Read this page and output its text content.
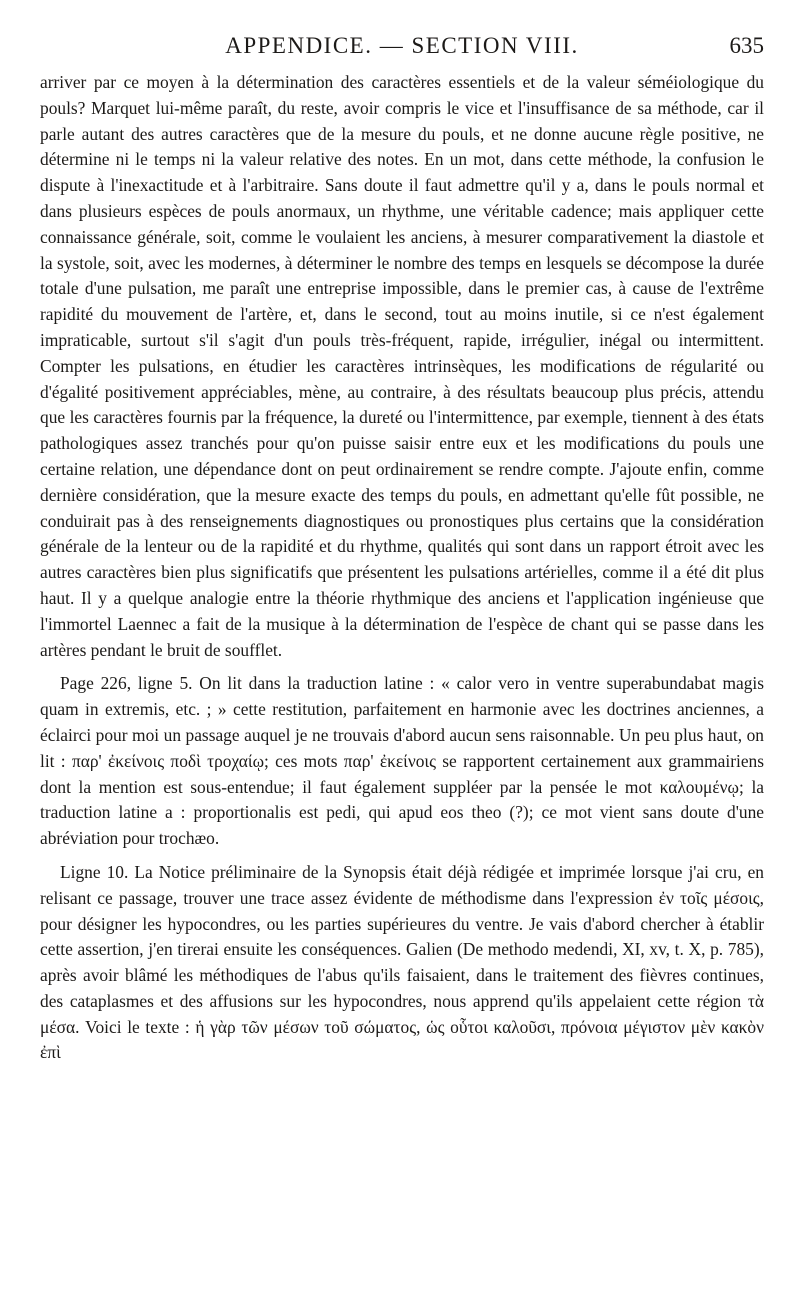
APPENDICE. — SECTION VIII.	635

arriver par ce moyen à la détermination des caractères essentiels et de la valeur séméiologique du pouls? Marquet lui-même paraît, du reste, avoir compris le vice et l'insuffisance de sa méthode, car il parle autant des autres caractères que de la mesure du pouls, et ne donne aucune règle positive, ne détermine ni le temps ni la valeur relative des notes. En un mot, dans cette méthode, la confusion le dispute à l'inexactitude et à l'arbitraire. Sans doute il faut admettre qu'il y a, dans le pouls normal et dans plusieurs espèces de pouls anormaux, un rhythme, une véritable cadence; mais appliquer cette connaissance générale, soit, comme le voulaient les anciens, à mesurer comparativement la diastole et la systole, soit, avec les modernes, à déterminer le nombre des temps en lesquels se décompose la durée totale d'une pulsation, me paraît une entreprise impossible, dans le premier cas, à cause de l'extrême rapidité du mouvement de l'artère, et, dans le second, tout au moins inutile, si ce n'est également impraticable, surtout s'il s'agit d'un pouls très-fréquent, rapide, irrégulier, inégal ou intermittent. Compter les pulsations, en étudier les caractères intrinsèques, les modifications de régularité ou d'égalité positivement appréciables, mène, au contraire, à des résultats beaucoup plus précis, attendu que les caractères fournis par la fréquence, la dureté ou l'intermittence, par exemple, tiennent à des états pathologiques assez tranchés pour qu'on puisse saisir entre eux et les modifications du pouls une certaine relation, une dépendance dont on peut ordinairement se rendre compte. J'ajoute enfin, comme dernière considération, que la mesure exacte des temps du pouls, en admettant qu'elle fût possible, ne conduirait pas à des renseignements diagnostiques ou pronostiques plus certains que la considération générale de la lenteur ou de la rapidité et du rhythme, qualités qui sont dans un rapport étroit avec les autres caractères bien plus significatifs que présentent les pulsations artérielles, comme il a été dit plus haut. Il y a quelque analogie entre la théorie rhythmique des anciens et l'application ingénieuse que l'immortel Laennec a fait de la musique à la détermination de l'espèce de chant qui se passe dans les artères pendant le bruit de soufflet.

Page 226, ligne 5. On lit dans la traduction latine : « calor vero in ventre superabundabat magis quam in extremis, etc. ; » cette restitution, parfaitement en harmonie avec les doctrines anciennes, a éclairci pour moi un passage auquel je ne trouvais d'abord aucun sens raisonnable. Un peu plus haut, on lit : παρ' ἐκείνοις ποδὶ τροχαίῳ; ces mots παρ' ἐκείνοις se rapportent certainement aux grammairiens dont la mention est sous-entendue; il faut également suppléer par la pensée le mot καλουμένῳ; la traduction latine a : proportionalis est pedi, qui apud eos theo (?); ce mot vient sans doute d'une abréviation pour trochæo.

Ligne 10. La Notice préliminaire de la Synopsis était déjà rédigée et imprimée lorsque j'ai cru, en relisant ce passage, trouver une trace assez évidente de méthodisme dans l'expression ἐν τοῖς μέσοις, pour désigner les hypocondres, ou les parties supérieures du ventre. Je vais d'abord chercher à établir cette assertion, j'en tirerai ensuite les conséquences. Galien (De methodo medendi, XI, xv, t. X, p. 785), après avoir blâmé les méthodiques de l'abus qu'ils faisaient, dans le traitement des fièvres continues, des cataplasmes et des affusions sur les hypocondres, nous apprend qu'ils appelaient cette région τὰ μέσα. Voici le texte : ἡ γὰρ τῶν μέσων τοῦ σώματος, ὡς οὗτοι καλοῦσι, πρόνοια μέγιστον μὲν κακὸν ἐπὶ
